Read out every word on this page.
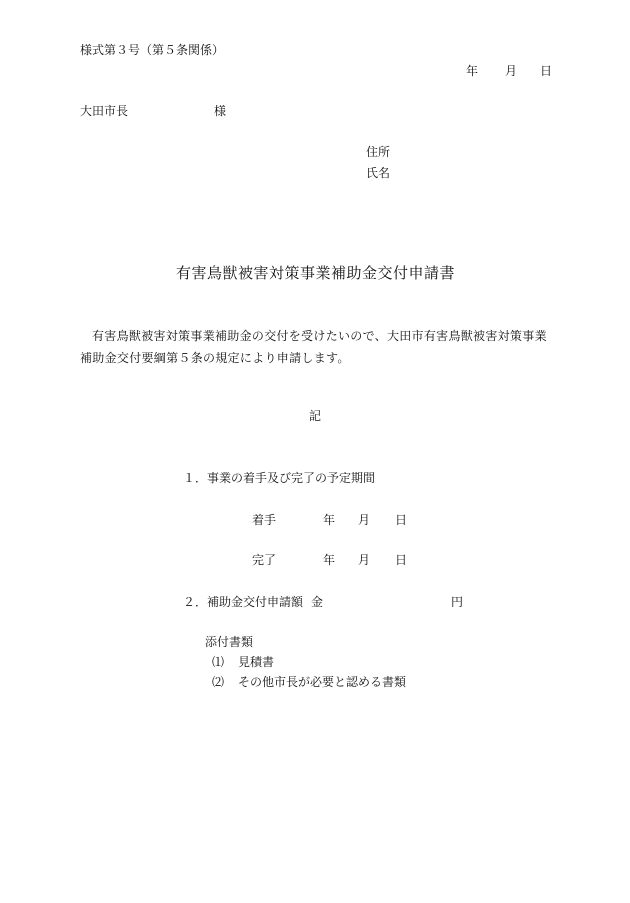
様式第３号（第５条関係）
年 月 日
大田市長	様
住所
氏名
有害鳥獣被害対策事業補助金交付申請書
有害鳥獣被害対策事業補助金の交付を受けたいので、大田市有害鳥獣被害対策事業
補助金交付要綱第５条の規定により申請します。
記
１．事業の着手及び完了の予定期間
着手	年 月 日
完了	年 月 日
２．補助金交付申請額 金	円
添付書類
⑴ 見積書
⑵ その他市長が必要と認める書類
